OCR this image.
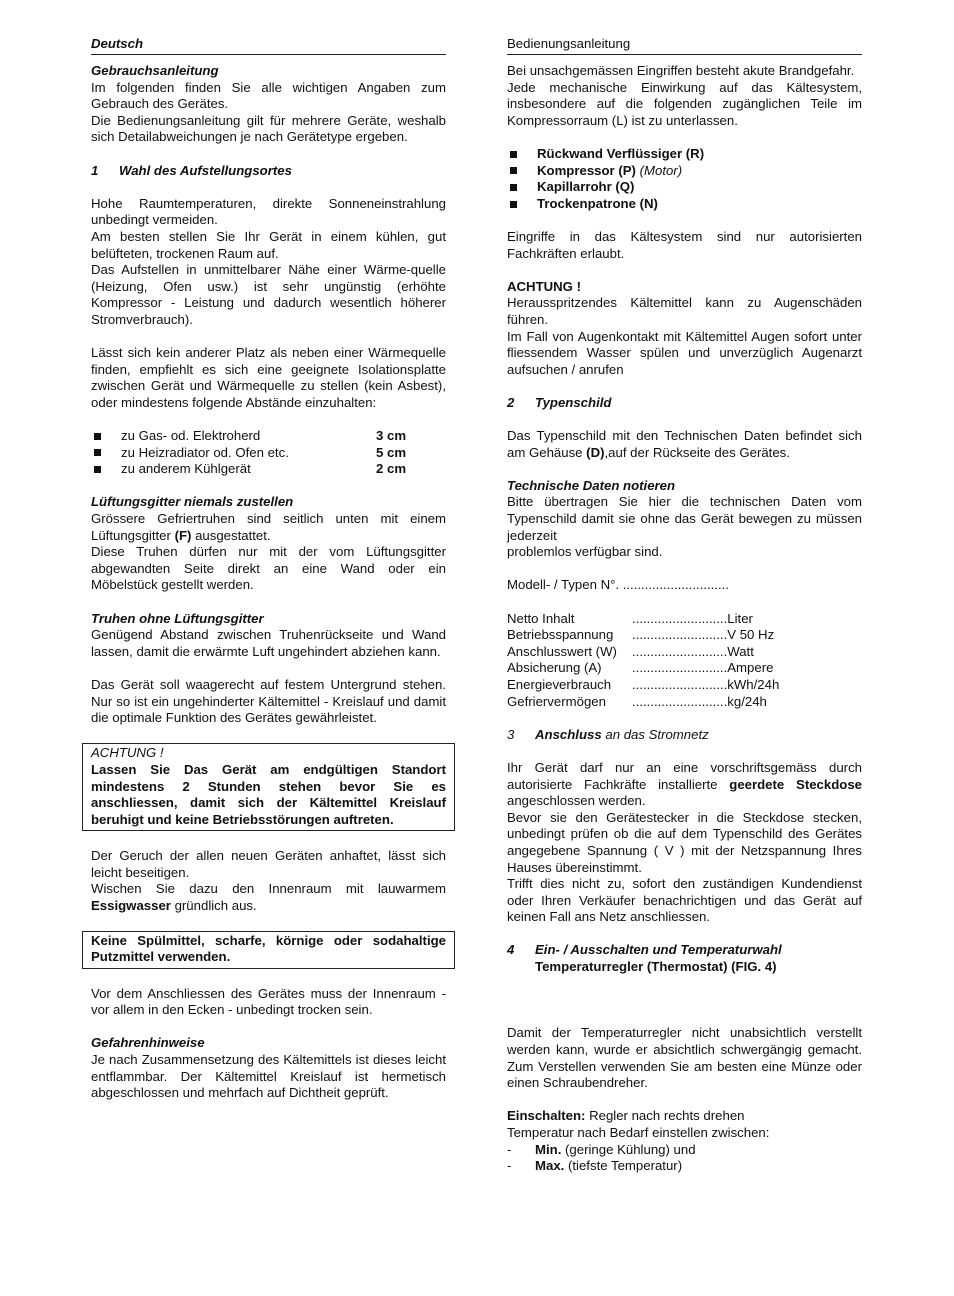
Deutsch

Gebrauchsanleitung

Im folgenden finden Sie alle wichtigen Angaben zum Gebrauch des Gerätes.

Die Bedienungsanleitung gilt für mehrere Geräte, weshalb sich Detailabweichungen je nach Gerätetype ergeben.

1 Wahl des Aufstellungsortes

Hohe Raumtemperaturen, direkte Sonneneinstrahlung unbedingt vermeiden.

Am besten stellen Sie Ihr Gerät in einem kühlen, gut belüfteten, trockenen Raum auf.

Das Aufstellen in unmittelbarer Nähe einer Wärme-quelle (Heizung, Ofen usw.) ist sehr ungünstig (erhöhte Kompressor - Leistung und dadurch wesentlich höherer Stromverbrauch).

Lässt sich kein anderer Platz als neben einer Wärmequelle finden, empfiehlt es sich eine geeignete Isolationsplatte zwischen Gerät und Wärmequelle zu stellen (kein Asbest), oder mindestens folgende Abstände einzuhalten:

zu Gas- od. Elektroherd	3 cm
zu Heizradiator od. Ofen etc.	5 cm
zu anderem Kühlgerät	2 cm

Lüftungsgitter niemals zustellen

Grössere Gefriertruhen sind seitlich unten mit einem Lüftungsgitter (F) ausgestattet.

Diese Truhen dürfen nur mit der vom Lüftungsgitter abgewandten Seite direkt an eine Wand oder ein Möbelstück gestellt werden.

Truhen ohne Lüftungsgitter

Genügend Abstand zwischen Truhenrückseite und Wand lassen, damit die erwärmte Luft ungehindert abziehen kann.

Das Gerät soll waagerecht auf festem Untergrund stehen. Nur so ist ein ungehinderter Kältemittel - Kreislauf und damit die optimale Funktion des Gerätes gewährleistet.

ACHTUNG !

Lassen Sie Das Gerät am endgültigen Standort mindestens 2 Stunden stehen bevor Sie es anschliessen, damit sich der Kältemittel Kreislauf beruhigt und keine Betriebsstörungen auftreten.

Der Geruch der allen neuen Geräten anhaftet, lässt sich leicht beseitigen.

Wischen Sie dazu den Innenraum mit lauwarmem Essigwasser gründlich aus.

Keine Spülmittel, scharfe, körnige oder sodahaltige Putzmittel verwenden.

Vor dem Anschliessen des Gerätes muss der Innenraum - vor allem in den Ecken - unbedingt trocken sein.

Gefahrenhinweise

Je nach Zusammensetzung des Kältemittels ist dieses leicht entflammbar. Der Kältemittel Kreislauf ist hermetisch abgeschlossen und mehrfach auf Dichtheit geprüft.

Bedienungsanleitung

Bei unsachgemässen Eingriffen besteht akute Brandgefahr.

Jede mechanische Einwirkung auf das Kältesystem, insbesondere auf die folgenden zugänglichen Teile im Kompressorraum (L) ist zu unterlassen.

Rückwand Verflüssiger (R)
Kompressor (P) (Motor)
Kapillarrohr (Q)
Trockenpatrone (N)

Eingriffe in das Kältesystem sind nur autorisierten Fachkräften erlaubt.

ACHTUNG !

Herausspritzendes Kältemittel kann zu Augenschäden führen.

Im Fall von Augenkontakt mit Kältemittel Augen sofort unter fliessendem Wasser spülen und unverzüglich Augenarzt aufsuchen / anrufen

2 Typenschild

Das Typenschild mit den Technischen Daten befindet sich am Gehäuse (D),auf der Rückseite des Gerätes.

Technische Daten notieren

Bitte übertragen Sie hier die technischen Daten vom Typenschild damit sie ohne das Gerät bewegen zu müssen jederzeit

problemlos verfügbar sind.

Modell- / Typen N°. .............................

Netto Inhalt	..........................Liter
Betriebsspannung	..........................V 50 Hz
Anschlusswert (W)	..........................Watt
Absicherung (A)	..........................Ampere
Energieverbrauch	..........................kWh/24h
Gefriervermögen	..........................kg/24h

3 Anschluss an das Stromnetz

Ihr Gerät darf nur an eine vorschriftsgemäss durch autorisierte Fachkräfte installierte geerdete Steckdose angeschlossen werden.

Bevor sie den Gerätestecker in die Steckdose stecken, unbedingt prüfen ob die auf dem Typenschild des Gerätes angegebene Spannung ( V ) mit der Netzspannung Ihres Hauses übereinstimmt.

Trifft dies nicht zu, sofort den zuständigen Kundendienst oder Ihren Verkäufer benachrichtigen und das Gerät auf keinen Fall ans Netz anschliessen.

4 Ein- / Ausschalten und Temperaturwahl

Temperaturregler (Thermostat) (FIG. 4)

Damit der Temperaturregler nicht unabsichtlich verstellt werden kann, wurde er absichtlich schwergängig gemacht. Zum Verstellen verwenden Sie am besten eine Münze oder einen Schraubendreher.

Einschalten: Regler nach rechts drehen

Temperatur nach Bedarf einstellen zwischen:

-	Min. (geringe Kühlung) und
-	Max. (tiefste Temperatur)
